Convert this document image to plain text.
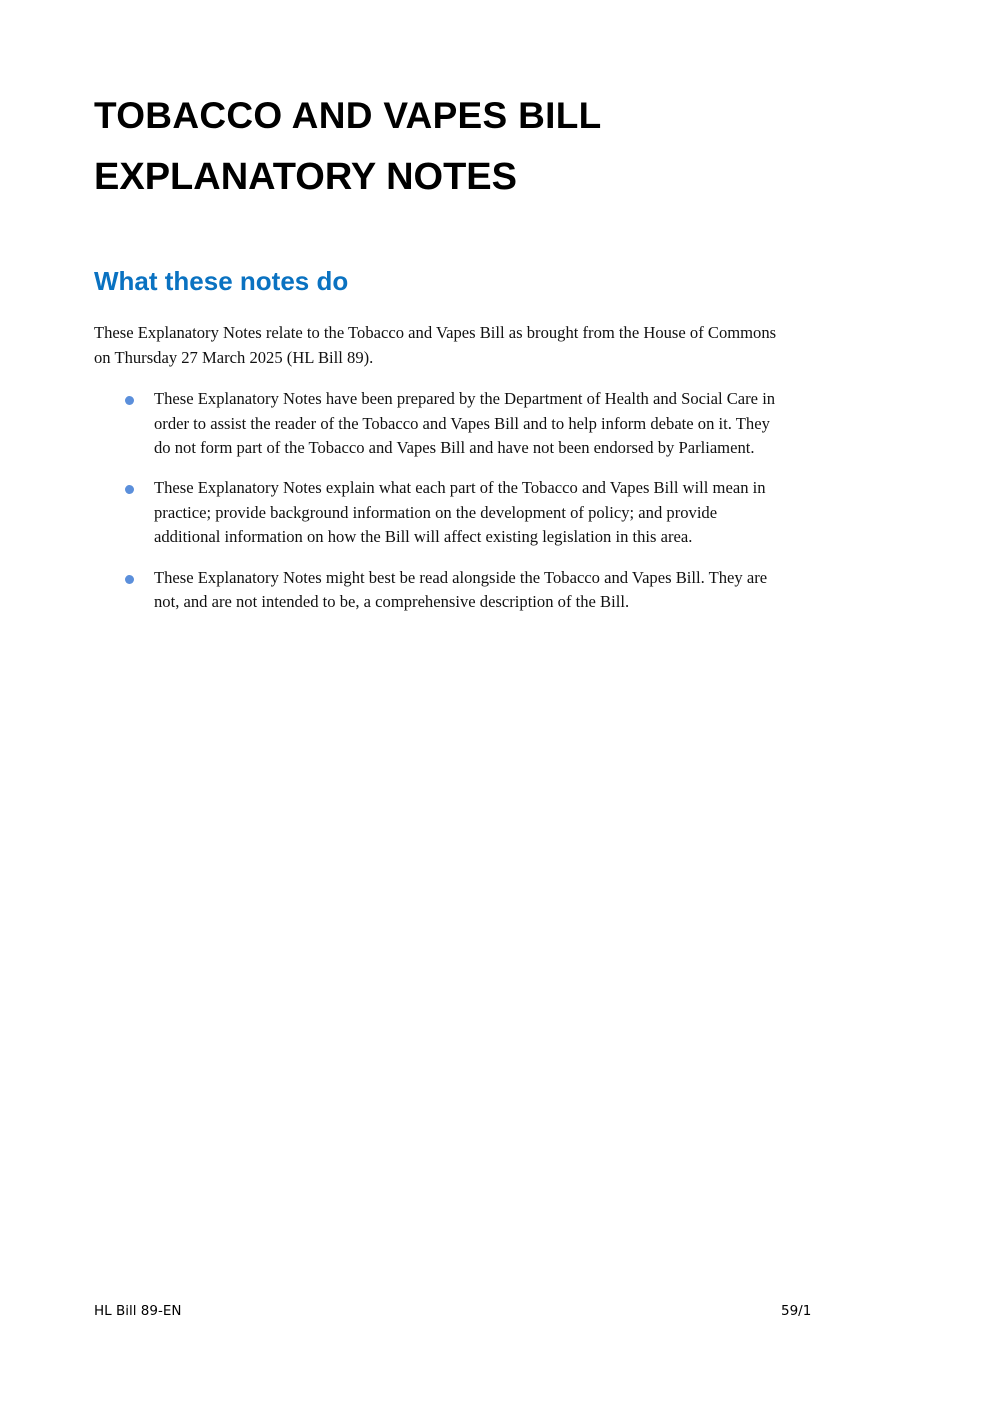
TOBACCO AND VAPES BILL
EXPLANATORY NOTES
What these notes do

These Explanatory Notes relate to the Tobacco and Vapes Bill as brought from the House of Commons
on Thursday 27 March 2025 (HL Bill 89).

These Explanatory Notes have been prepared by the Department of Health and Social Care in
order to assist the reader of the Tobacco and Vapes Bill and to help inform debate on it. They
do not form part of the Tobacco and Vapes Bill and have not been endorsed by Parliament.
These Explanatory Notes explain what each part of the Tobacco and Vapes Bill will mean in
practice; provide background information on the development of policy; and provide
additional information on how the Bill will affect existing legislation in this area.
These Explanatory Notes might best be read alongside the Tobacco and Vapes Bill. They are
not, and are not intended to be, a comprehensive description of the Bill.
HL Bill 89-EN	59/1
